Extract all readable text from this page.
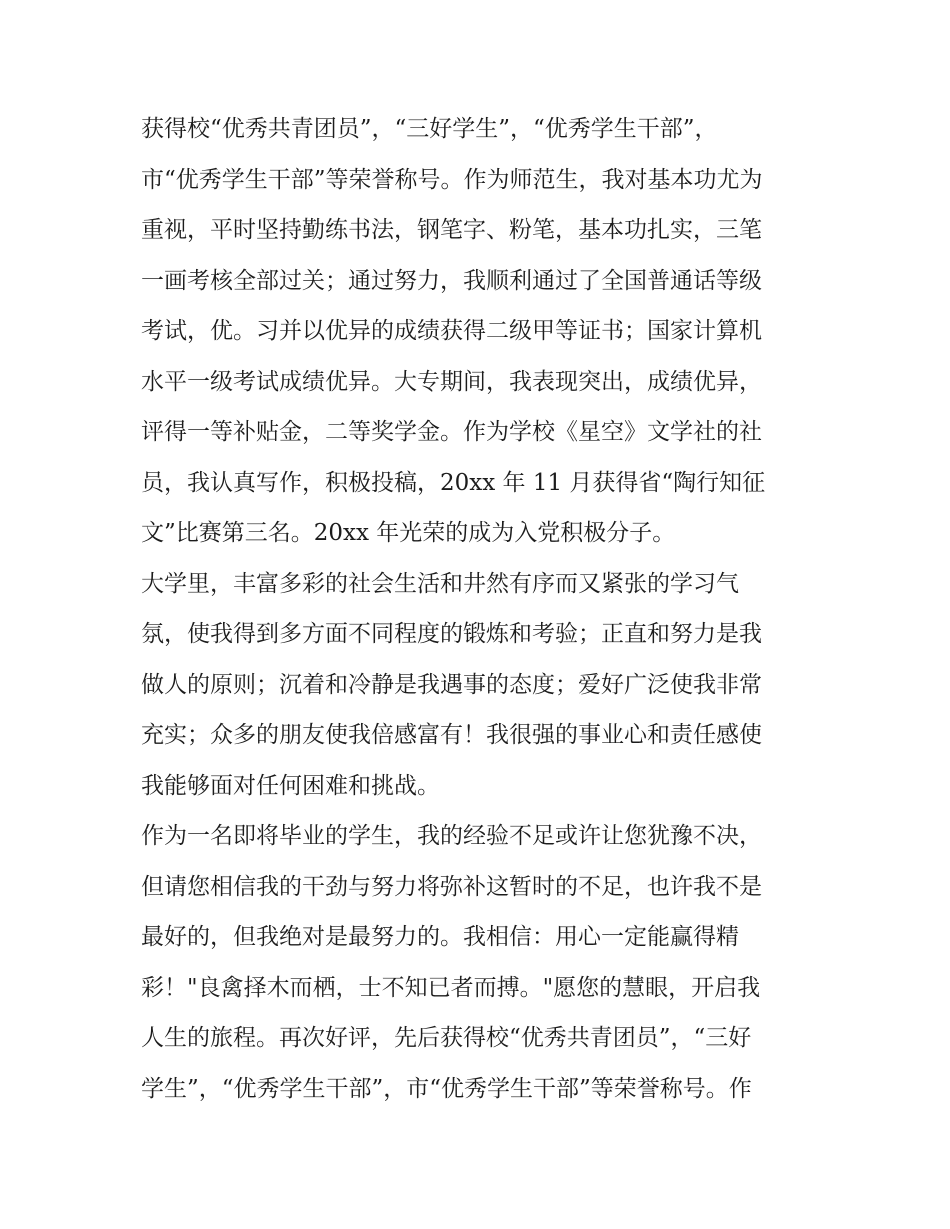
获得校“优秀共青团员”，“三好学生”，“优秀学生干部”，
市“优秀学生干部”等荣誉称号。作为师范生，我对基本功尤为
重视，平时坚持勤练书法，钢笔字、粉笔，基本功扎实，三笔
一画考核全部过关；通过努力，我顺利通过了全国普通话等级
考试，优。习并以优异的成绩获得二级甲等证书；国家计算机
水平一级考试成绩优异。大专期间，我表现突出，成绩优异，
评得一等补贴金，二等奖学金。作为学校《星空》文学社的社
员，我认真写作，积极投稿，20xx 年 11 月获得省“陶行知征
文”比赛第三名。20xx 年光荣的成为入党积极分子。
大学里，丰富多彩的社会生活和井然有序而又紧张的学习气
氛，使我得到多方面不同程度的锻炼和考验；正直和努力是我
做人的原则；沉着和冷静是我遇事的态度；爱好广泛使我非常
充实；众多的朋友使我倍感富有！我很强的事业心和责任感使
我能够面对任何困难和挑战。
作为一名即将毕业的学生，我的经验不足或许让您犹豫不决，
但请您相信我的干劲与努力将弥补这暂时的不足，也许我不是
最好的，但我绝对是最努力的。我相信：用心一定能赢得精
彩！"良禽择木而栖，士不知已者而搏。"愿您的慧眼，开启我
人生的旅程。再次好评，先后获得校“优秀共青团员”，“三好
学生”，“优秀学生干部”，市“优秀学生干部”等荣誉称号。作
